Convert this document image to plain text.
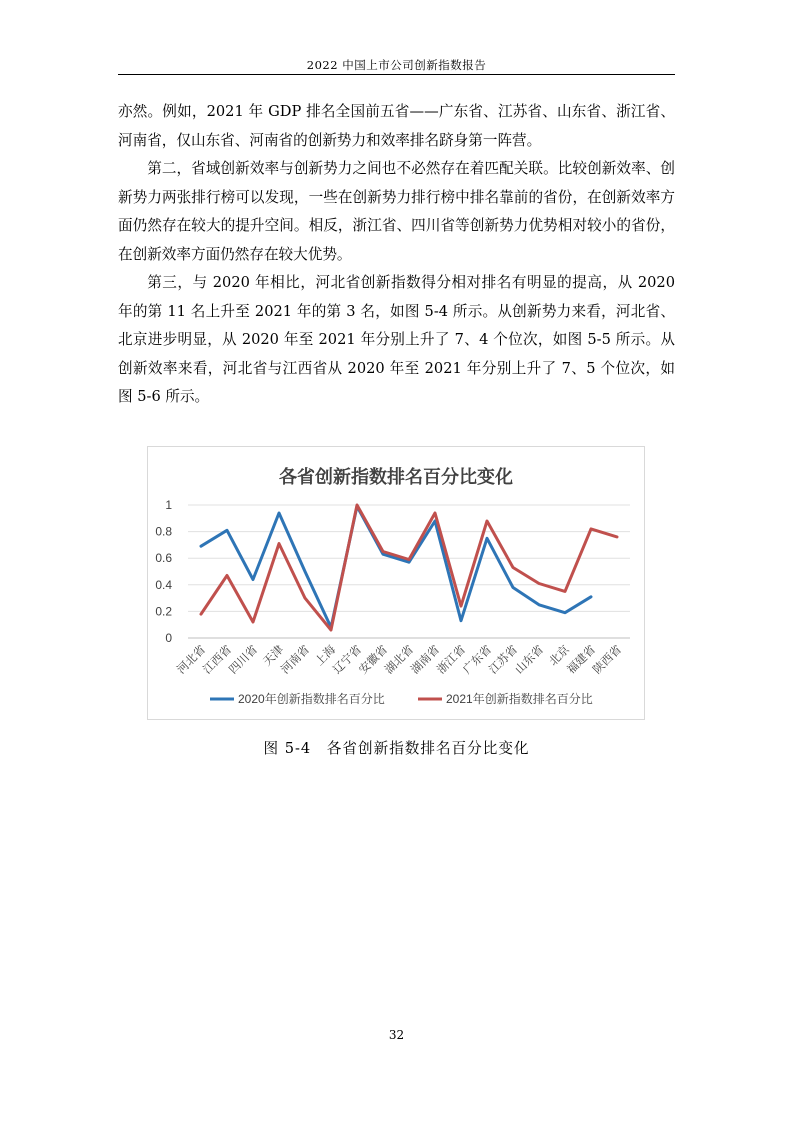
2022 中国上市公司创新指数报告

亦然。例如，2021 年 GDP 排名全国前五省——广东省、江苏省、山东省、浙江省、河南省，仅山东省、河南省的创新势力和效率排名跻身第一阵营。

第二，省域创新效率与创新势力之间也不必然存在着匹配关联。比较创新效率、创新势力两张排行榜可以发现，一些在创新势力排行榜中排名靠前的省份，在创新效率方面仍然存在较大的提升空间。相反，浙江省、四川省等创新势力优势相对较小的省份，在创新效率方面仍然存在较大优势。

第三，与 2020 年相比，河北省创新指数得分相对排名有明显的提高，从 2020 年的第 11 名上升至 2021 年的第 3 名，如图 5-4 所示。从创新势力来看，河北省、北京进步明显，从 2020 年至 2021 年分别上升了 7、4 个位次，如图 5-5 所示。从创新效率来看，河北省与江西省从 2020 年至 2021 年分别上升了 7、5 个位次，如图 5-6 所示。

各省创新指数排名百分比变化
0
0.2
0.4
0.6
0.8
1
河北省
江西省
四川省 天津
河南省 上海
辽宁省
安徽省
湖北省
湖南省
浙江省
广东省
江苏省
山东省 北京
福建省
陕西省
2020年创新指数排名百分比	2021年创新指数排名百分比
图 5-4　各省创新指数排名百分比变化
32
